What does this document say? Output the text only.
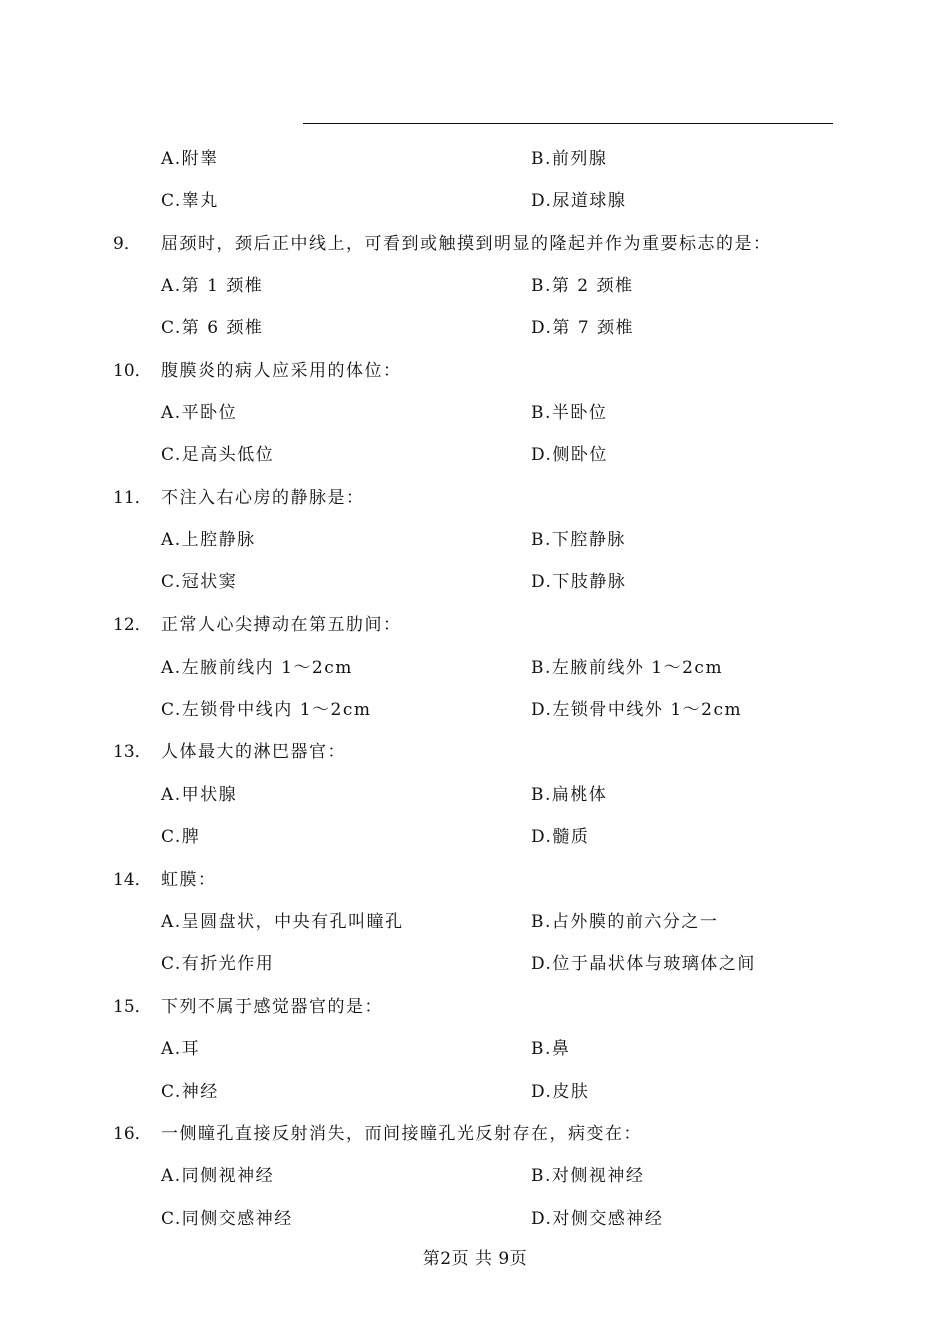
A.附睾	B.前列腺
C.睾丸	D.尿道球腺
9．	屈颈时，颈后正中线上，可看到或触摸到明显的隆起并作为重要标志的是：
A.第 1 颈椎	B.第 2 颈椎
C.第 6 颈椎	D.第 7 颈椎
10． 腹膜炎的病人应采用的体位：
A.平卧位	B.半卧位
C.足高头低位	D.侧卧位
11． 不注入右心房的静脉是：
A.上腔静脉	B.下腔静脉
C.冠状窦	D.下肢静脉
12． 正常人心尖搏动在第五肋间：
A.左腋前线内 1～2cm	B.左腋前线外 1～2cm
C.左锁骨中线内 1～2cm	D.左锁骨中线外 1～2cm
13． 人体最大的淋巴器官：
A.甲状腺	B.扁桃体
C.脾	D.髓质
14． 虹膜：
A.呈圆盘状，中央有孔叫瞳孔	B.占外膜的前六分之一
C.有折光作用	D.位于晶状体与玻璃体之间
15． 下列不属于感觉器官的是：
A.耳	B.鼻
C.神经	D.皮肤
16． 一侧瞳孔直接反射消失，而间接瞳孔光反射存在，病变在：
A.同侧视神经	B.对侧视神经
C.同侧交感神经	D.对侧交感神经
第2页 共 9页
